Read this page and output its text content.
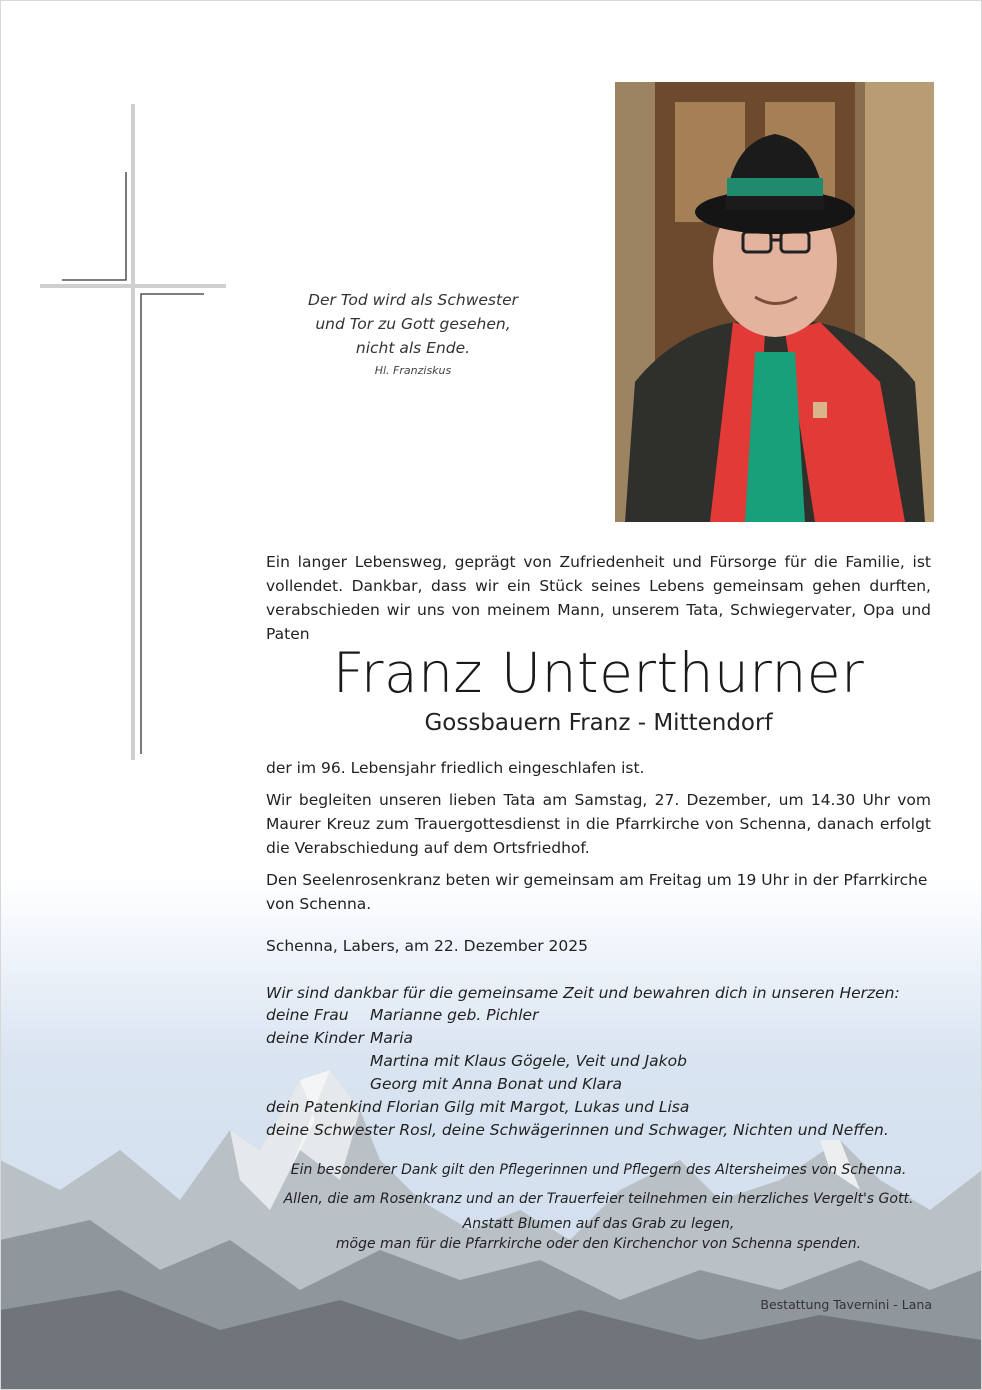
Der Tod wird als Schwester
und Tor zu Gott gesehen,
nicht als Ende.
Hl. Franziskus
Ein langer Lebensweg, geprägt von Zufriedenheit und Fürsorge für die Familie, ist vollendet. Dankbar, dass wir ein Stück seines Lebens gemeinsam gehen durften, verabschieden wir uns von meinem Mann, unserem Tata, Schwiegervater, Opa und Paten
Franz Unterthurner
Gossbauern Franz - Mittendorf
der im 96. Lebensjahr friedlich eingeschlafen ist.
Wir begleiten unseren lieben Tata am Samstag, 27. Dezember, um 14.30 Uhr vom Maurer Kreuz zum Trauergottesdienst in die Pfarrkirche von Schenna, danach erfolgt die Verabschiedung auf dem Ortsfriedhof.
Den Seelenrosenkranz beten wir gemeinsam am Freitag um 19 Uhr in der Pfarrkirche von Schenna.
Schenna, Labers, am 22. Dezember 2025
Wir sind dankbar für die gemeinsame Zeit und bewahren dich in unseren Herzen:
deine Frau Marianne geb. Pichler
deine Kinder Maria
Martina mit Klaus Gögele, Veit und Jakob
Georg mit Anna Bonat und Klara
dein Patenkind Florian Gilg mit Margot, Lukas und Lisa
deine Schwester Rosl, deine Schwägerinnen und Schwager, Nichten und Neffen.
Ein besonderer Dank gilt den Pflegerinnen und Pflegern des Altersheimes von Schenna.
Allen, die am Rosenkranz und an der Trauerfeier teilnehmen ein herzliches Vergelt's Gott.
Anstatt Blumen auf das Grab zu legen,
möge man für die Pfarrkirche oder den Kirchenchor von Schenna spenden.
Bestattung Tavernini - Lana
